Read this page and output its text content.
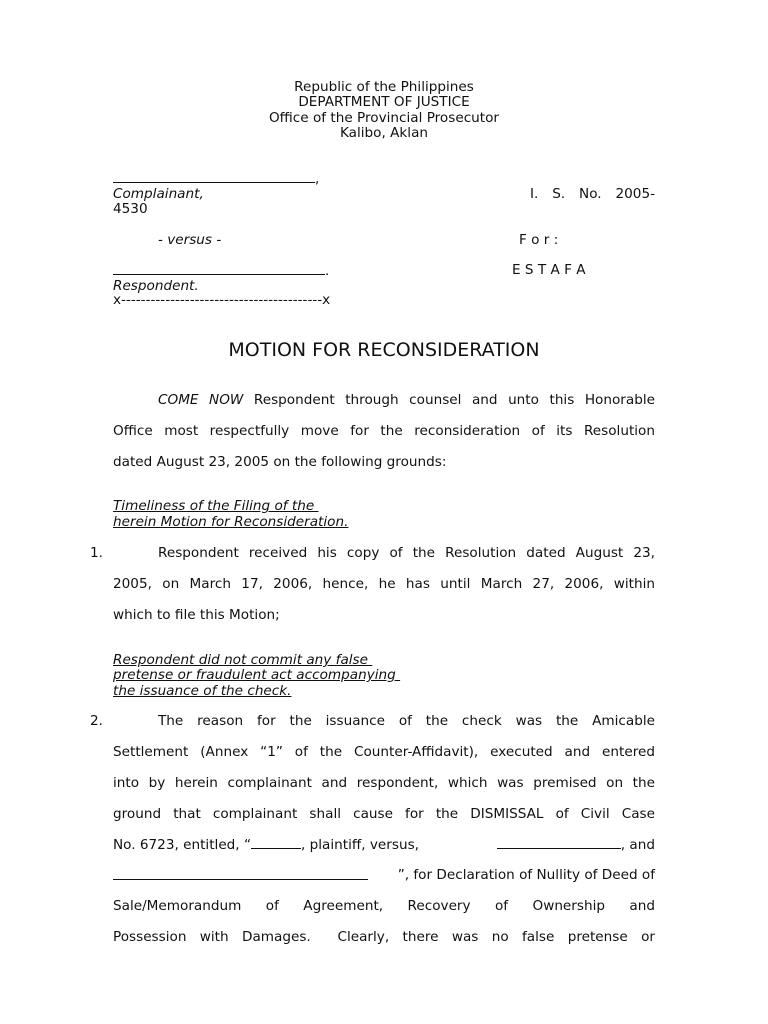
Republic of the Philippines
DEPARTMENT OF JUSTICE
Office of the Provincial Prosecutor
Kalibo, Aklan
,
Complainant,	I. S. No. 2005-
4530
- versus -	F o r :
.	E S T A F A
Respondent.
x-----------------------------------------x
MOTION FOR RECONSIDERATION
COME NOW Respondent through counsel and unto this Honorable
Office most respectfully move for the reconsideration of its Resolution
dated August 23, 2005 on the following grounds:
Timeliness of the Filing of the
herein Motion for Reconsideration.
1.	Respondent received his copy of the Resolution dated August 23,
2005, on March 17, 2006, hence, he has until March 27, 2006, within
which to file this Motion;
Respondent did not commit any false
pretense or fraudulent act accompanying
the issuance of the check.
2.	The reason for the issuance of the check was the Amicable
Settlement (Annex “1” of the Counter-Affidavit), executed and entered
into by herein complainant and respondent, which was premised on the
ground that complainant shall cause for the DISMISSAL of Civil Case
No. 6723, entitled, “	, plaintiff, versus,	, and
”, for Declaration of Nullity of Deed of
Sale/Memorandum of Agreement, Recovery of Ownership and
Possession with Damages.  Clearly, there was no false pretense or
